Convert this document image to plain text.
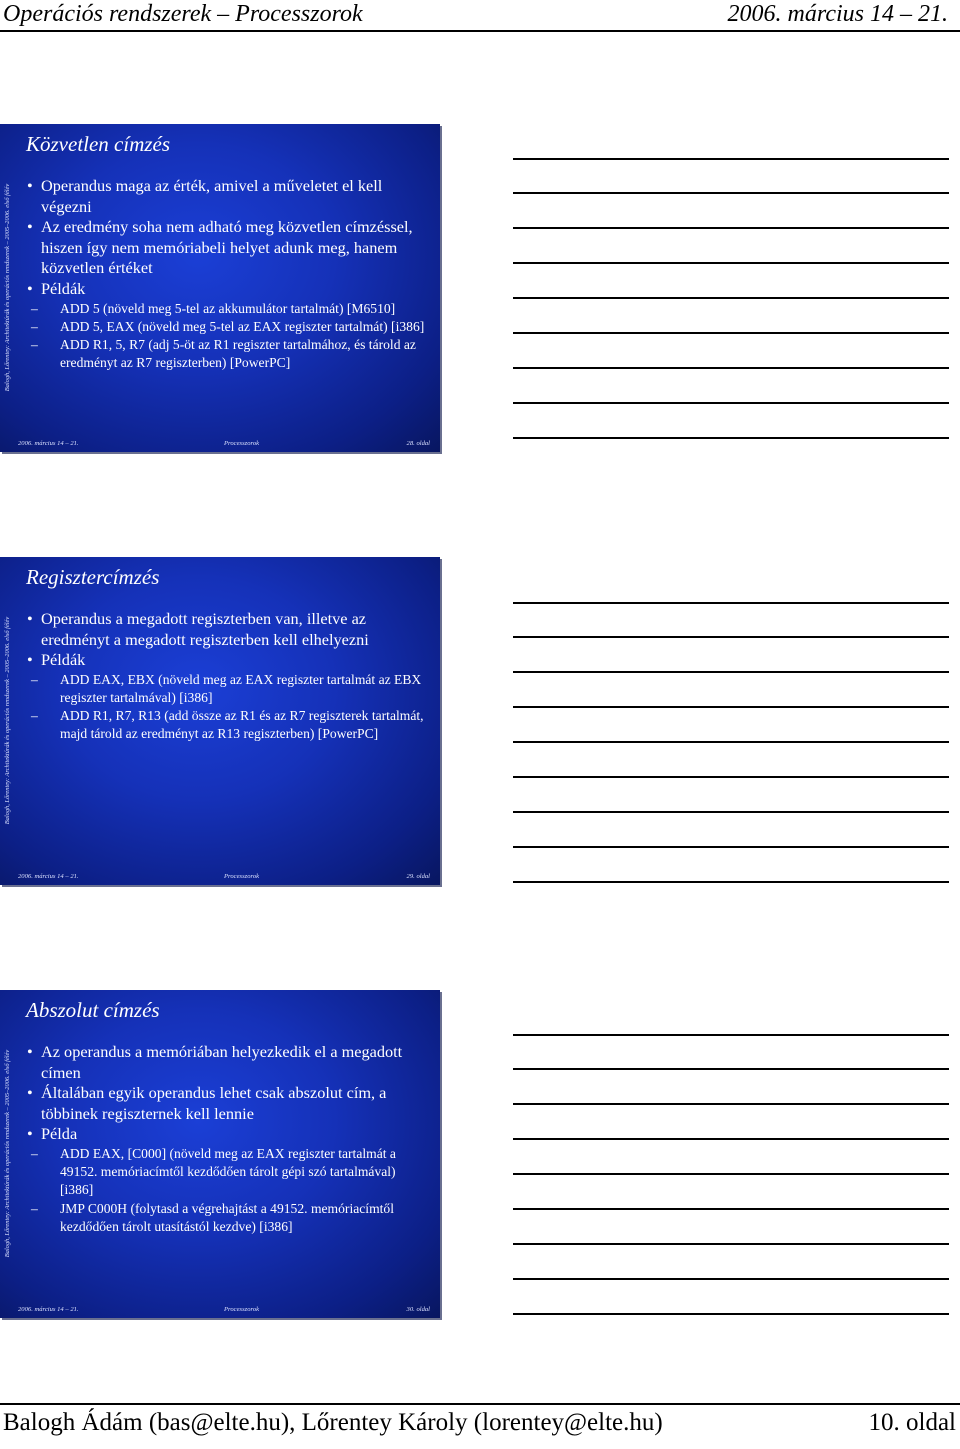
Operációs rendszerek – Processzorok	2006. március 14 – 21.
Balogh, Lőrentey: Architektúrák és operációs rendszerek – 2005–2006. első félév
Közvetlen címzés
• Operandus maga az érték, amivel a műveletet el kell végezni
• Az eredmény soha nem adható meg közvetlen címzéssel, hiszen így nem memóriabeli helyet adunk meg, hanem közvetlen értéket
• Példák
– ADD 5 (növeld meg 5-tel az akkumulátor tartalmát) [M6510]
– ADD 5, EAX (növeld meg 5-tel az EAX regiszter tartalmát) [i386]
– ADD R1, 5, R7 (adj 5-öt az R1 regiszter tartalmához, és tárold az eredményt az R7 regiszterben) [PowerPC]
2006. március 14 – 21.	Processzorok	28. oldal
Balogh, Lőrentey: Architektúrák és operációs rendszerek – 2005–2006. első félév
Regisztercímzés
• Operandus a megadott regiszterben van, illetve az eredményt a megadott regiszterben kell elhelyezni
• Példák
– ADD EAX, EBX (növeld meg az EAX regiszter tartalmát az EBX regiszter tartalmával) [i386]
– ADD R1, R7, R13 (add össze az R1 és az R7 regiszterek tartalmát, majd tárold az eredményt az R13 regiszterben) [PowerPC]
2006. március 14 – 21.	Processzorok	29. oldal
Balogh, Lőrentey: Architektúrák és operációs rendszerek – 2005–2006. első félév
Abszolut címzés
• Az operandus a memóriában helyezkedik el a megadott címen
• Általában egyik operandus lehet csak abszolut cím, a többinek regiszternek kell lennie
• Példa
– ADD EAX, [C000] (növeld meg az EAX regiszter tartalmát a 49152. memóriacímtől kezdődően tárolt gépi szó tartalmával) [i386]
– JMP C000H (folytasd a végrehajtást a 49152. memóriacímtől kezdődően tárolt utasítástól kezdve) [i386]
2006. március 14 – 21.	Processzorok	30. oldal
Balogh Ádám (bas@elte.hu), Lőrentey Károly (lorentey@elte.hu)	10. oldal
